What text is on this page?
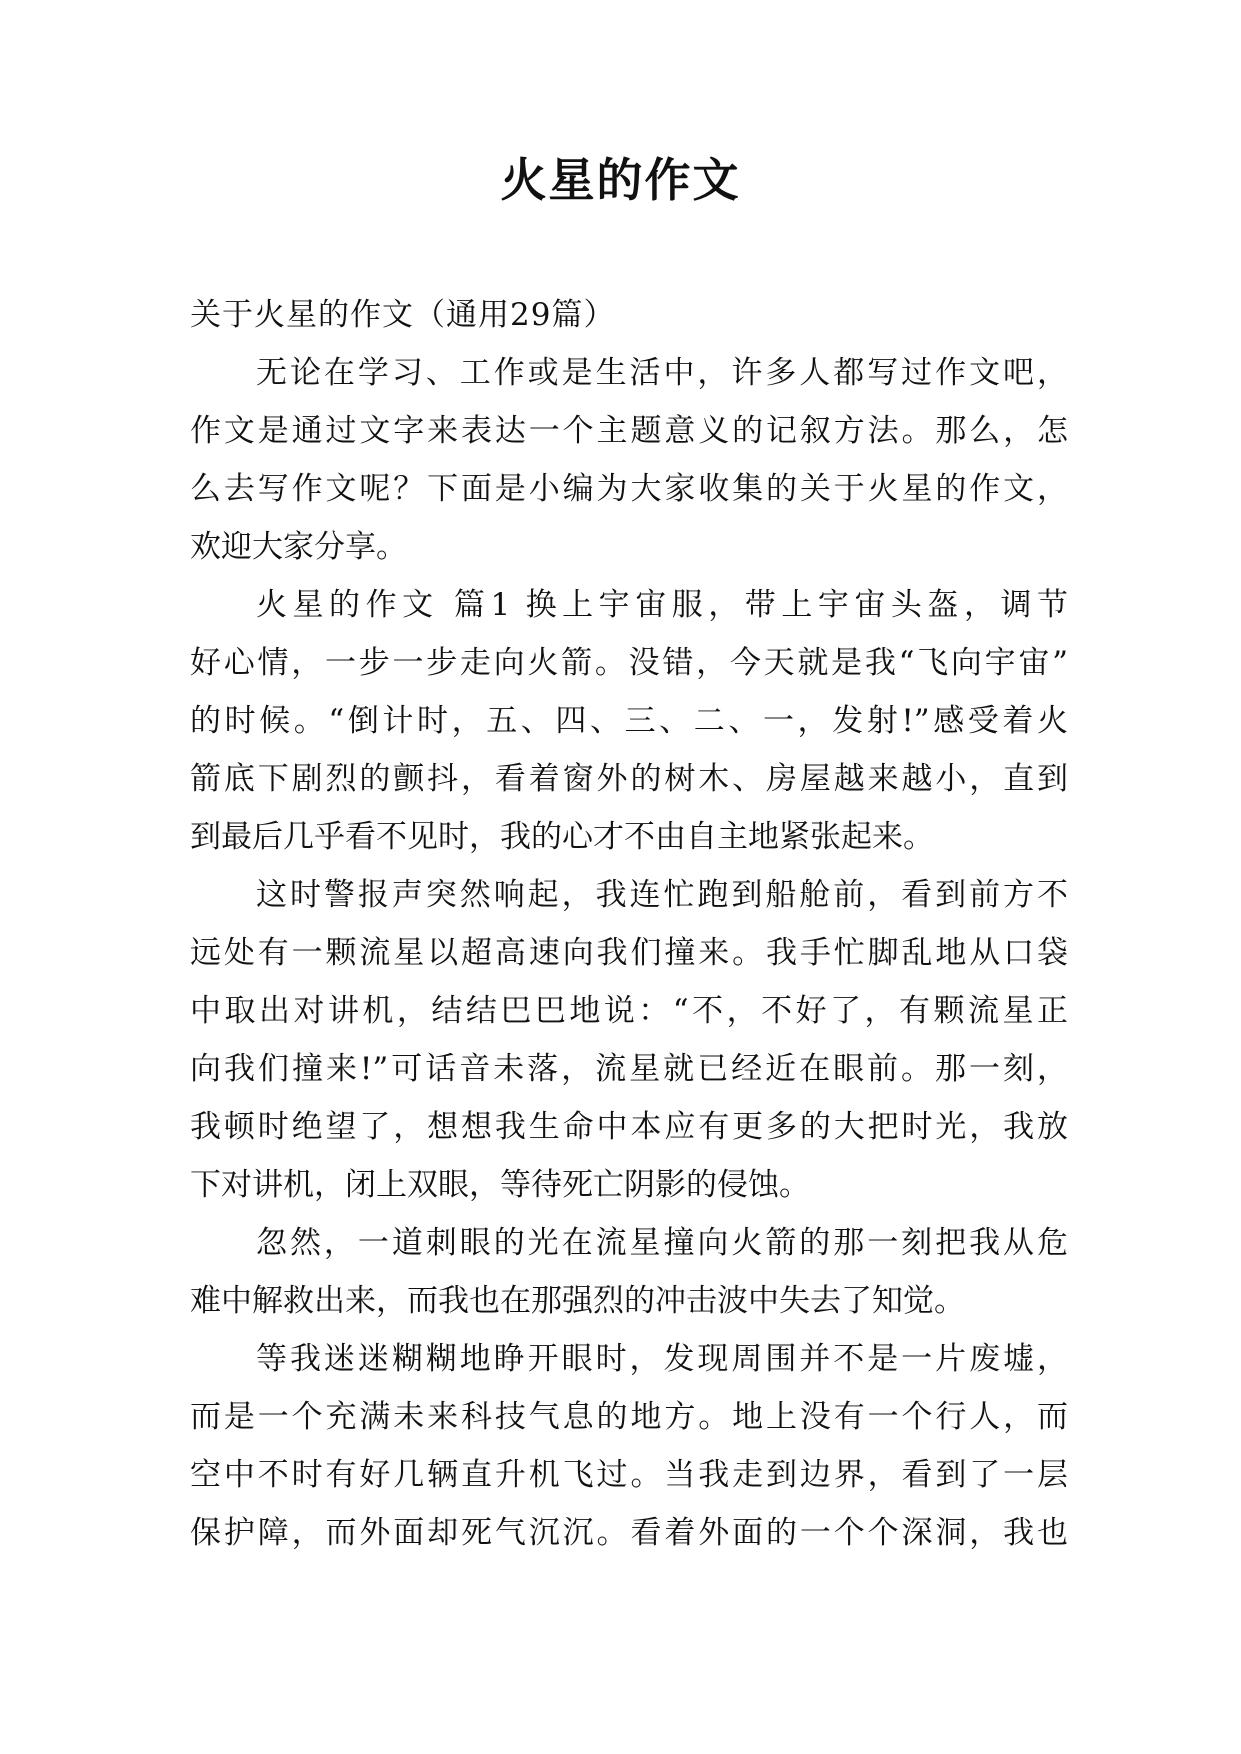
火星的作文
关于火星的作文（通用29篇）
无论在学习、工作或是生活中，许多人都写过作文吧，
作文是通过文字来表达一个主题意义的记叙方法。那么，怎
么去写作文呢？下面是小编为大家收集的关于火星的作文，
欢迎大家分享。
火星的作文 篇1 换上宇宙服，带上宇宙头盔，调节
好心情，一步一步走向火箭。没错，今天就是我“飞向宇宙”
的时候。“倒计时，五、四、三、二、一，发射!”感受着火
箭底下剧烈的颤抖，看着窗外的树木、房屋越来越小，直到
到最后几乎看不见时，我的心才不由自主地紧张起来。
这时警报声突然响起，我连忙跑到船舱前，看到前方不
远处有一颗流星以超高速向我们撞来。我手忙脚乱地从口袋
中取出对讲机，结结巴巴地说：“不，不好了，有颗流星正
向我们撞来!”可话音未落，流星就已经近在眼前。那一刻，
我顿时绝望了，想想我生命中本应有更多的大把时光，我放
下对讲机，闭上双眼，等待死亡阴影的侵蚀。
忽然，一道刺眼的光在流星撞向火箭的那一刻把我从危
难中解救出来，而我也在那强烈的冲击波中失去了知觉。
等我迷迷糊糊地睁开眼时，发现周围并不是一片废墟，
而是一个充满未来科技气息的地方。地上没有一个行人，而
空中不时有好几辆直升机飞过。当我走到边界，看到了一层
保护障，而外面却死气沉沉。看着外面的一个个深洞，我也
